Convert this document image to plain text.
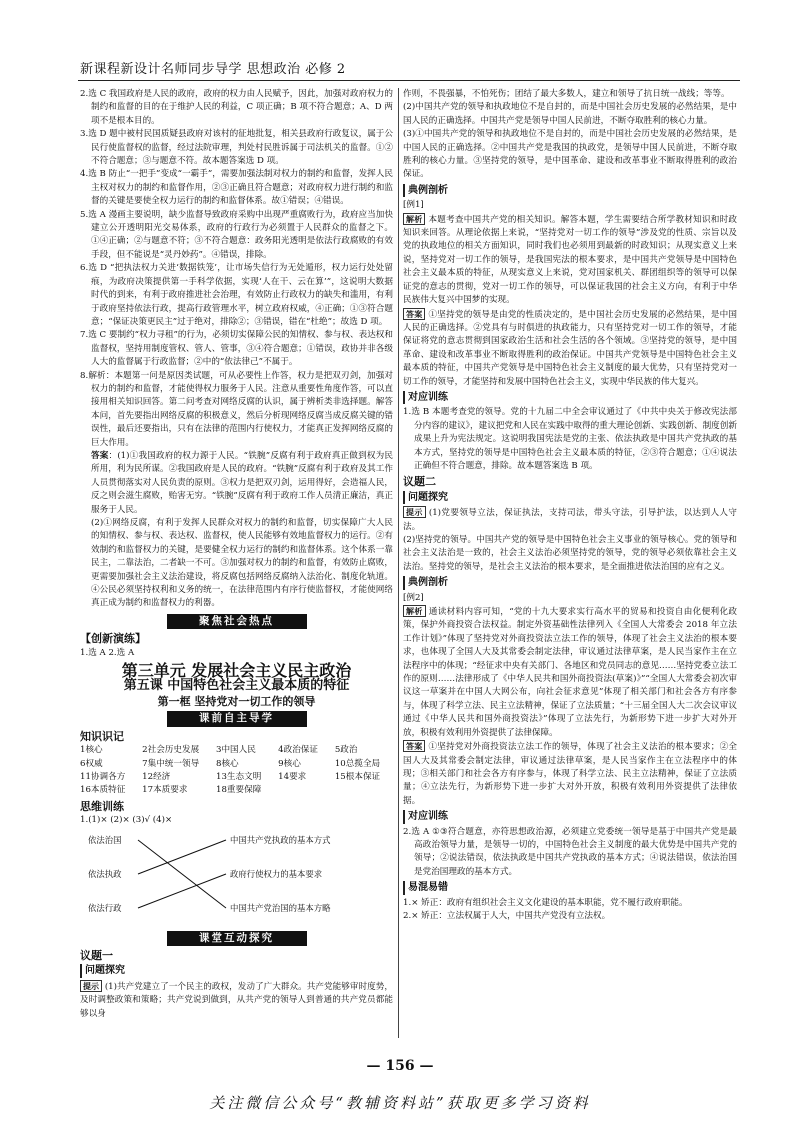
新课程新设计名师同步导学 思想政治 必修 2

2.选 C 我国政府是人民的政府，政府的权力由人民赋予，因此，加强对政府权力的制约和监督的目的在于维护人民的利益，C 项正确；B 项不符合题意；A、D 两项不是根本目的。

3.选 D 题中被村民国质疑县政府对该村的征地批复，相关县政府行政复议，属于公民行使监督权的监督，经过法院审理，判处村民胜诉属于司法机关的监督。①②不符合题意；③与题意不符。故本题答案选 D 项。

4.选 B 防止“一把手”变成“一霸手”，需要加强法制对权力的制约和监督，发挥人民主权对权力的制约和监督作用，②③正确且符合题意；对政府权力进行制约和监督的关键是要使全权力运行的制约和监督体系。故①错误；④错误。

5.选 A 漫画主要说明，缺少监督导致政府采购中出现严重腐败行为，政府应当加快建立公开透明阳光交易体系，政府的行政行为必须置于人民群众的监督之下。①④正确；②与题意不符；③不符合题意：政务阳光透明是依法行政腐败的有效手段，但不能说是“灵丹妙药”。④错误，排除。

6.选 D “把执法权力关进‘数据铁笼’，让市场失信行为无处遁形，权力运行处处留痕，为政府决策提供第一手科学依据，实现‘人在干、云在算’”，这说明大数据时代的到来，有利于政府推进社会治理，有效防止行政权力的缺失和滥用，有利于政府坚持依法行政，提高行政管理水平，树立政府权威，④正确；①③符合题意；“保证决策更民主”过于绝对，排除②；③错误，错在“杜绝”；故选 D 项。

7.选 C 要制约“权力寻租”的行为，必须切实保障公民的知情权、参与权、表达权和监督权，坚持用制度管权、管人、管事，③④符合题意；①错误，政协并非各级人大的监督属于行政监督；②中的“依法律己”不属于。

8.解析：本题第一问是原因类试题，可从必要性上作答，权力是把双刃剑，加强对权力的制约和监督，才能使得权力服务于人民。注意从重要性角度作答，可以直接用相关知识回答。第二问考查对网络反腐的认识，属于辨析类非选择题。解答本问，首先要指出网络反腐的积极意义，然后分析现网络反腐当成反腐关键的错误性，最后还要指出，只有在法律的范围内行使权力，才能真正发挥网络反腐的巨大作用。

答案：(1)①我国政府的权力源于人民。“铁腕”反腐有利于政府真正做到权为民所用，利为民所谋。②我国政府是人民的政府。“铁腕”反腐有利于政府及其工作人员贯彻落实对人民负责的原则。③权力是把双刃剑，运用得好，会造福人民，反之则会滋生腐败，贻害无穷。“铁腕”反腐有利于政府工作人员清正廉洁，真正服务于人民。

(2)①网络反腐，有利于发挥人民群众对权力的制约和监督，切实保障广大人民的知情权、参与权、表达权、监督权，使人民能够有效地监督权力的运行。②有效制约和监督权力的关键，是要健全权力运行的制约和监督体系。这个体系一靠民主，二靠法治，二者缺一不可。③加强对权力的制约和监督，有效防止腐败，更需要加强社会主义法治建设，将反腐包括网络反腐纳入法治化、制度化轨道。④公民必须坚持权利和义务的统一，在法律范围内有序行使监督权，才能使网络真正成为制约和监督权力的利器。

聚焦社会热点
【创新演练】

1.选 A 2.选 A

第三单元 发展社会主义民主政治
第五课 中国特色社会主义最本质的特征
第一框 坚持党对一切工作的领导
课前自主导学
知识识记
1核心	2社会历史发展	3中国人民	4政治保证	5政治
6权威	7集中统一领导	8核心	9核心	10总揽全局
11协调各方	12经济	13生态文明	14要求	15根本保证
16本质特征	17本质要求	18重要保障
思维训练

1.(1)× (2)× (3)√ (4)×

依法治国
依法执政
依法行政
中国共产党执政的基本方式
政府行使权力的基本要求
中国共产党治国的基本方略
课堂互动探究
议题一
问题探究

提示 (1)共产党建立了一个民主的政权，发动了广大群众。共产党能够审时度势，及时调整政策和策略；共产党说到做到，从共产党的领导人到普通的共产党员都能够以身

作则，不畏强暴，不怕死伤；团结了最大多数人，建立和领导了抗日统一战线；等等。

(2)中国共产党的领导和执政地位不是自封的，而是中国社会历史发展的必然结果，是中国人民的正确选择。中国共产党是领导中国人民前进，不断夺取胜利的核心力量。

(3)①中国共产党的领导和执政地位不是自封的，而是中国社会历史发展的必然结果，是中国人民的正确选择。②中国共产党是我国的执政党，是领导中国人民前进，不断夺取胜利的核心力量。③坚持党的领导，是中国革命、建设和改革事业不断取得胜利的政治保证。

典例剖析

[例1]

解析 本题考查中国共产党的相关知识。解答本题，学生需要结合所学教材知识和时政知识来回答。从理论依据上来说，“坚持党对一切工作的领导”涉及党的性质、宗旨以及党的执政地位的相关方面知识，同时我们也必须用到最新的时政知识；从现实意义上来说，坚持党对一切工作的领导，是我国宪法的根本要求，是中国共产党领导是中国特色社会主义最本质的特征，从现实意义上来说，党对国家机关、群团组织等的领导可以保证党的意志的贯彻，党对一切工作的领导，可以保证我国的社会主义方向，有利于中华民族伟大复兴中国梦的实现。

答案 ①坚持党的领导是由党的性质决定的，是中国社会历史发展的必然结果，是中国人民的正确选择。②党具有与时俱进的执政能力，只有坚持党对一切工作的领导，才能保证将党的意志贯彻到国家政治生活和社会生活的各个领域。③坚持党的领导，是中国革命、建设和改革事业不断取得胜利的政治保证。中国共产党领导是中国特色社会主义最本质的特征，中国共产党领导是中国特色社会主义制度的最大优势，只有坚持党对一切工作的领导，才能坚持和发展中国特色社会主义，实现中华民族的伟大复兴。

对应训练

1.选 B 本题考查党的领导。党的十九届二中全会审议通过了《中共中央关于修改宪法部分内容的建议》，建议把党和人民在实践中取得的重大理论创新、实践创新、制度创新成果上升为宪法规定。这说明我国宪法是党的主张、依法执政是中国共产党执政的基本方式，坚持党的领导是中国特色社会主义最本质的特征，②③符合题意；①④说法正确但不符合题意，排除。故本题答案选 B 项。

议题二
问题探究

提示 (1)党要领导立法，保证执法，支持司法，带头守法，引导护法，以达到人人守法。

(2)坚持党的领导。中国共产党的领导是中国特色社会主义事业的领导核心。党的领导和社会主义法治是一致的，社会主义法治必须坚持党的领导，党的领导必须依靠社会主义法治。坚持党的领导，是社会主义法治的根本要求，是全面推进依法治国的应有之义。

典例剖析

[例2]

解析 通读材料内容可知，“党的十九大要求实行高水平的贸易和投资自由化便利化政策，保护外商投资合法权益。制定外资基础性法律列入《全国人大常委会 2018 年立法工作计划》”体现了坚持党对外商投资法立法工作的领导，体现了社会主义法治的根本要求，也体现了全国人大及其常委会制定法律，审议通过法律草案，是人民当家作主在立法程序中的体现；“经征求中央有关部门、各地区和党员同志的意见……坚持党委立法工作的原则……法律形成了《中华人民共和国外商投资法(草案)》”“全国人大常委会初次审议这一草案并在中国人大网公布，向社会征求意见”体现了相关部门和社会各方有序参与，体现了科学立法、民主立法精神，保证了立法质量；“十三届全国人大二次会议审议通过《中华人民共和国外商投资法》”体现了立法先行，为新形势下进一步扩大对外开放，积极有效利用外资提供了法律保障。

答案 ①坚持党对外商投资法立法工作的领导，体现了社会主义法治的根本要求；②全国人大及其常委会制定法律，审议通过法律草案，是人民当家作主在立法程序中的体现；③相关部门和社会各方有序参与，体现了科学立法、民主立法精神，保证了立法质量；④立法先行，为新形势下进一步扩大对外开放，积极有效利用外资提供了法律依据。

对应训练

2.选 A ①③符合题意，亦符思想政治源，必须建立党委统一领导是基于中国共产党是最高政治领导力量，是领导一切的，中国特色社会主义制度的最大优势是中国共产党的领导；②说法错误，依法执政是中国共产党执政的基本方式；④说法错误，依法治国是党治国理政的基本方式。

易混易错

1.× 矫正：政府有组织社会主义文化建设的基本职能，党不履行政府职能。

2.× 矫正：立法权属于人大，中国共产党没有立法权。

— 156 —
关注微信公众号“教辅资料站”获取更多学习资料
